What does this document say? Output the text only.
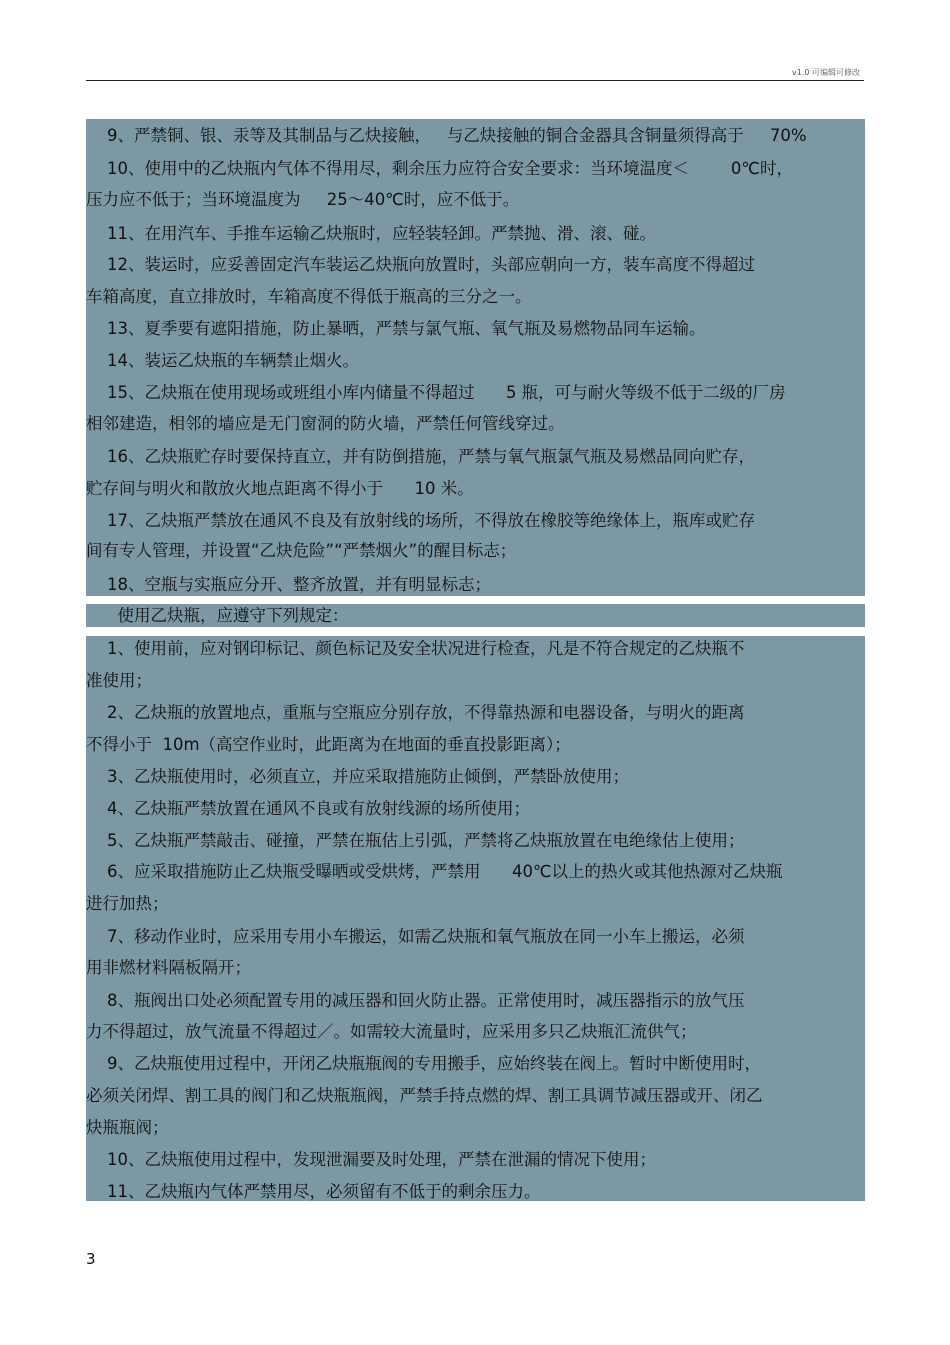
v1.0 可编辑可修改
9、严禁铜、银、汞等及其制品与乙炔接触，   与乙炔接触的铜合金器具含铜量须得高于     70%
10、使用中的乙炔瓶内气体不得用尽，剩余压力应符合安全要求：当环境温度＜        0℃时，
压力应不低于；当环境温度为     25～40℃时，应不低于。
11、在用汽车、手推车运输乙炔瓶时，应轻装轻卸。严禁抛、滑、滚、碰。
12、装运时，应妥善固定汽车装运乙炔瓶向放置时，头部应朝向一方，装车高度不得超过
车箱高度，直立排放时，车箱高度不得低于瓶高的三分之一。
13、夏季要有遮阳措施，防止暴晒，严禁与氯气瓶、氧气瓶及易燃物品同车运输。
14、装运乙炔瓶的车辆禁止烟火。
15、乙炔瓶在使用现场或班组小库内储量不得超过      5 瓶，可与耐火等级不低于二级的厂房
相邻建造，相邻的墙应是无门窗洞的防火墙，严禁任何管线穿过。
16、乙炔瓶贮存时要保持直立，并有防倒措施，严禁与氧气瓶氯气瓶及易燃品同向贮存，
贮存间与明火和散放火地点距离不得小于      10 米。
17、乙炔瓶严禁放在通风不良及有放射线的场所，不得放在橡胶等绝缘体上，瓶库或贮存
间有专人管理，并设置“乙炔危险”“严禁烟火”的醒目标志；
18、空瓶与实瓶应分开、整齐放置，并有明显标志；
使用乙炔瓶，应遵守下列规定：
1、使用前，应对钢印标记、颜色标记及安全状况进行检查，凡是不符合规定的乙炔瓶不
准使用；
2、乙炔瓶的放置地点，重瓶与空瓶应分别存放，不得靠热源和电器设备，与明火的距离
不得小于  10m（高空作业时，此距离为在地面的垂直投影距离）；
3、乙炔瓶使用时，必须直立，并应采取措施防止倾倒，严禁卧放使用；
4、乙炔瓶严禁放置在通风不良或有放射线源的场所使用；
5、乙炔瓶严禁敲击、碰撞，严禁在瓶估上引弧，严禁将乙炔瓶放置在电绝缘估上使用；
6、应采取措施防止乙炔瓶受曝晒或受烘烤，严禁用      40℃以上的热火或其他热源对乙炔瓶
进行加热；
7、移动作业时，应采用专用小车搬运，如需乙炔瓶和氧气瓶放在同一小车上搬运，必须
用非燃材料隔板隔开；
8、瓶阀出口处必须配置专用的减压器和回火防止器。正常使用时，减压器指示的放气压
力不得超过，放气流量不得超过／。如需较大流量时，应采用多只乙炔瓶汇流供气；
9、乙炔瓶使用过程中，开闭乙炔瓶瓶阀的专用搬手，应始终装在阀上。暂时中断使用时，
必须关闭焊、割工具的阀门和乙炔瓶瓶阀，严禁手持点燃的焊、割工具调节减压器或开、闭乙
炔瓶瓶阀；
10、乙炔瓶使用过程中，发现泄漏要及时处理，严禁在泄漏的情况下使用；
11、乙炔瓶内气体严禁用尽，必须留有不低于的剩余压力。
3
